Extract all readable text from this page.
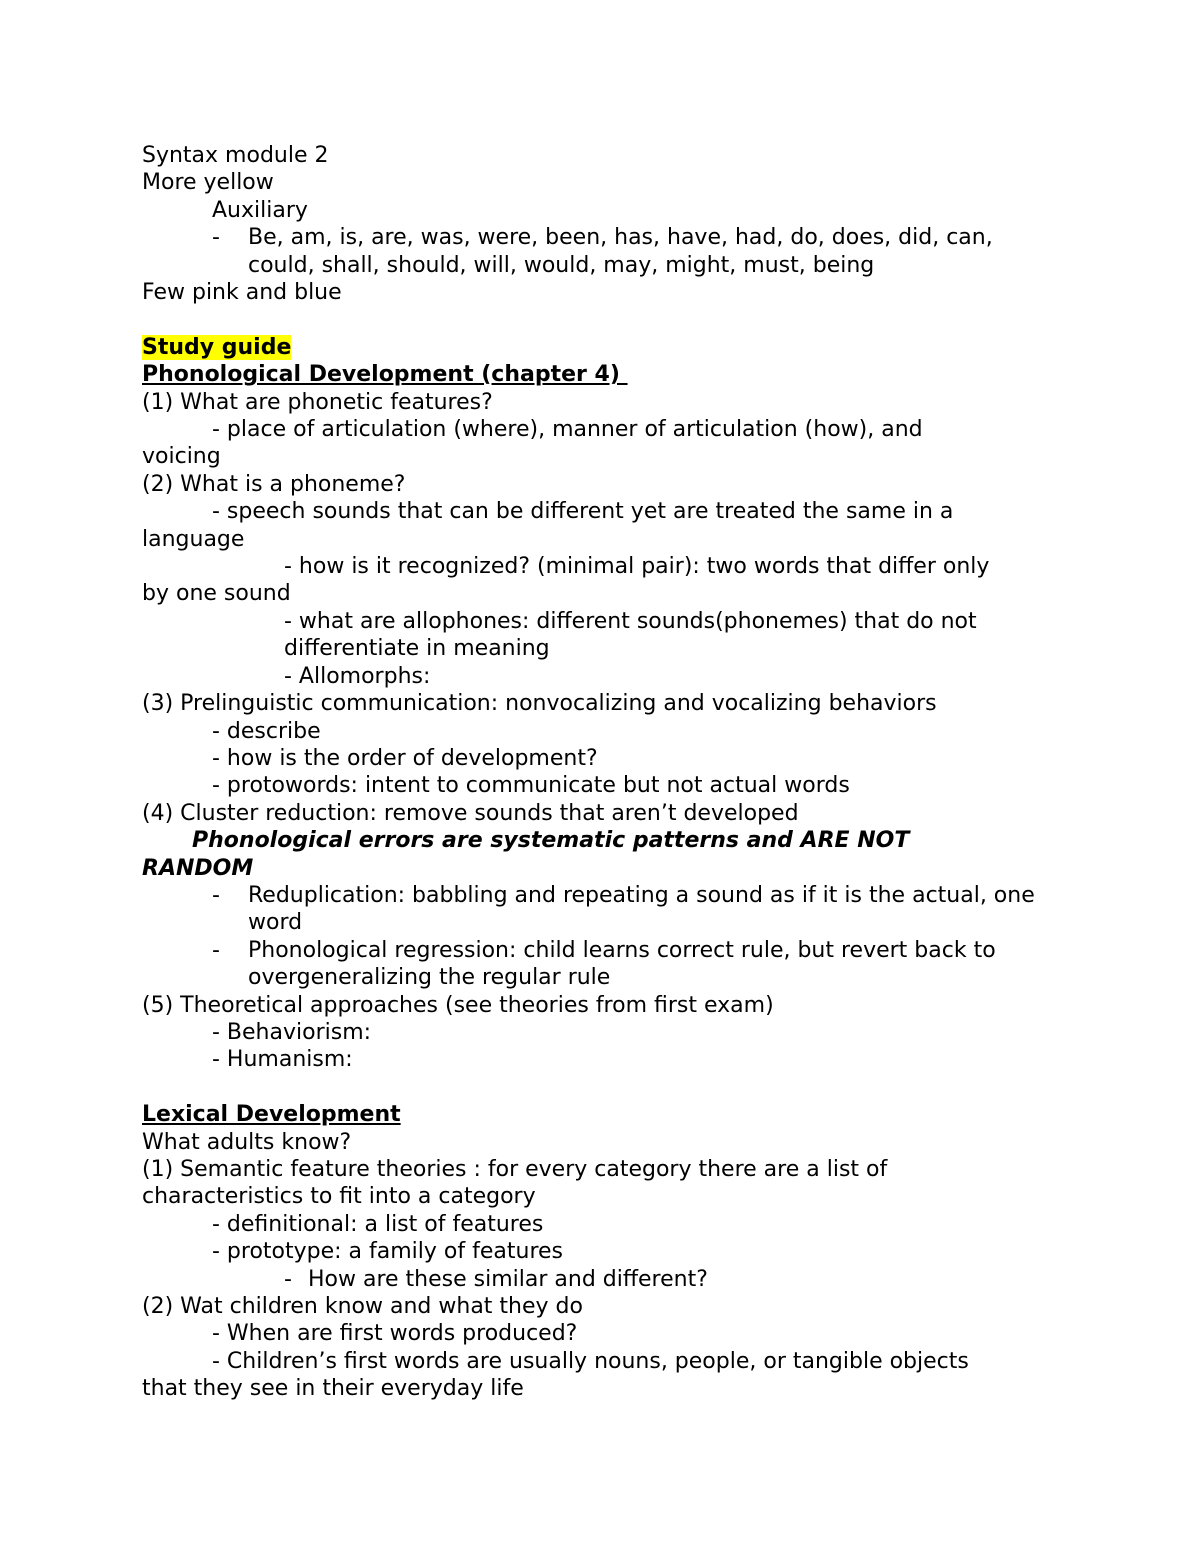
Syntax module 2
More yellow
Auxiliary
-	Be, am, is, are, was, were, been, has, have, had, do, does, did, can, could, shall, should, will, would, may, might, must, being
Few pink and blue
Study guide
Phonological Development (chapter 4)
(1) What are phonetic features?
- place of articulation (where), manner of articulation (how), and
voicing
(2) What is a phoneme?
- speech sounds that can be different yet are treated the same in a
language
- how is it recognized? (minimal pair): two words that differ only
by one sound
- what are allophones: different sounds(phonemes) that do not
differentiate in meaning
- Allomorphs:
(3) Prelinguistic communication: nonvocalizing and vocalizing behaviors
- describe
- how is the order of development?
- protowords: intent to communicate but not actual words
(4) Cluster reduction: remove sounds that aren’t developed
Phonological errors are systematic patterns and ARE NOT
RANDOM
-	Reduplication: babbling and repeating a sound as if it is the actual, one word
-	Phonological regression: child learns correct rule, but revert back to overgeneralizing the regular rule
(5) Theoretical approaches (see theories from first exam)
- Behaviorism:
- Humanism:
Lexical Development
What adults know?
(1) Semantic feature theories : for every category there are a list of
characteristics to fit into a category
- definitional: a list of features
- prototype: a family of features
- How are these similar and different?
(2) Wat children know and what they do
- When are first words produced?
- Children’s first words are usually nouns, people, or tangible objects
that they see in their everyday life
